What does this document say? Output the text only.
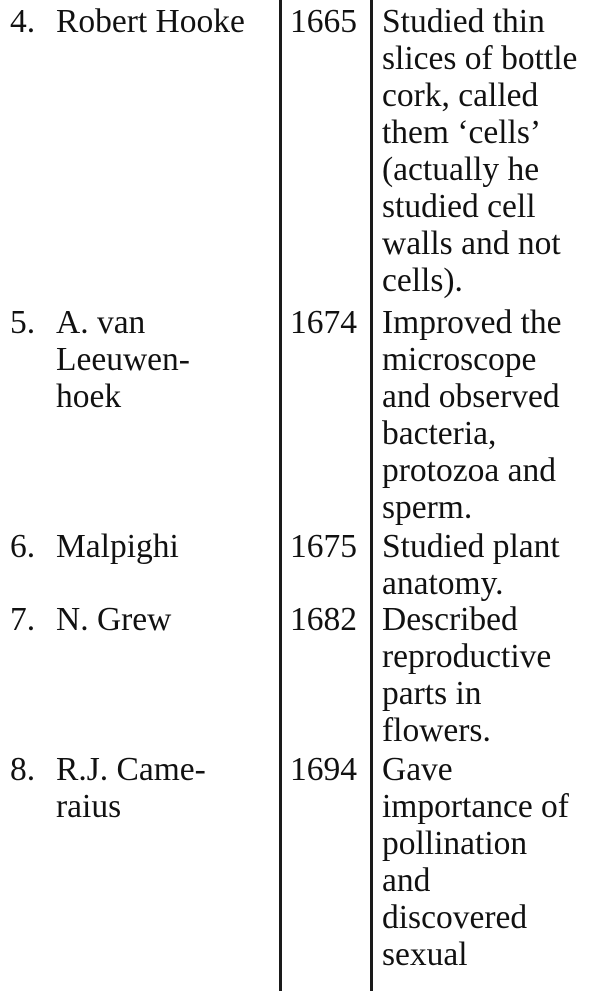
4. Robert Hooke	1665 Studied thin
slices of bottle
cork, called
them ‘cells’
(actually he
studied cell
walls and not
cells).
5. A. van
Leeuwen-
hoek
1674 Improved the
microscope
and observed
bacteria,
protozoa and
sperm.
6. Malpighi	1675 Studied plant
anatomy.
7. N. Grew	1682 Described
reproductive
parts in
flowers.
8. R.J. Came-
raius
1694 Gave
importance of
pollination
and
discovered
sexual
